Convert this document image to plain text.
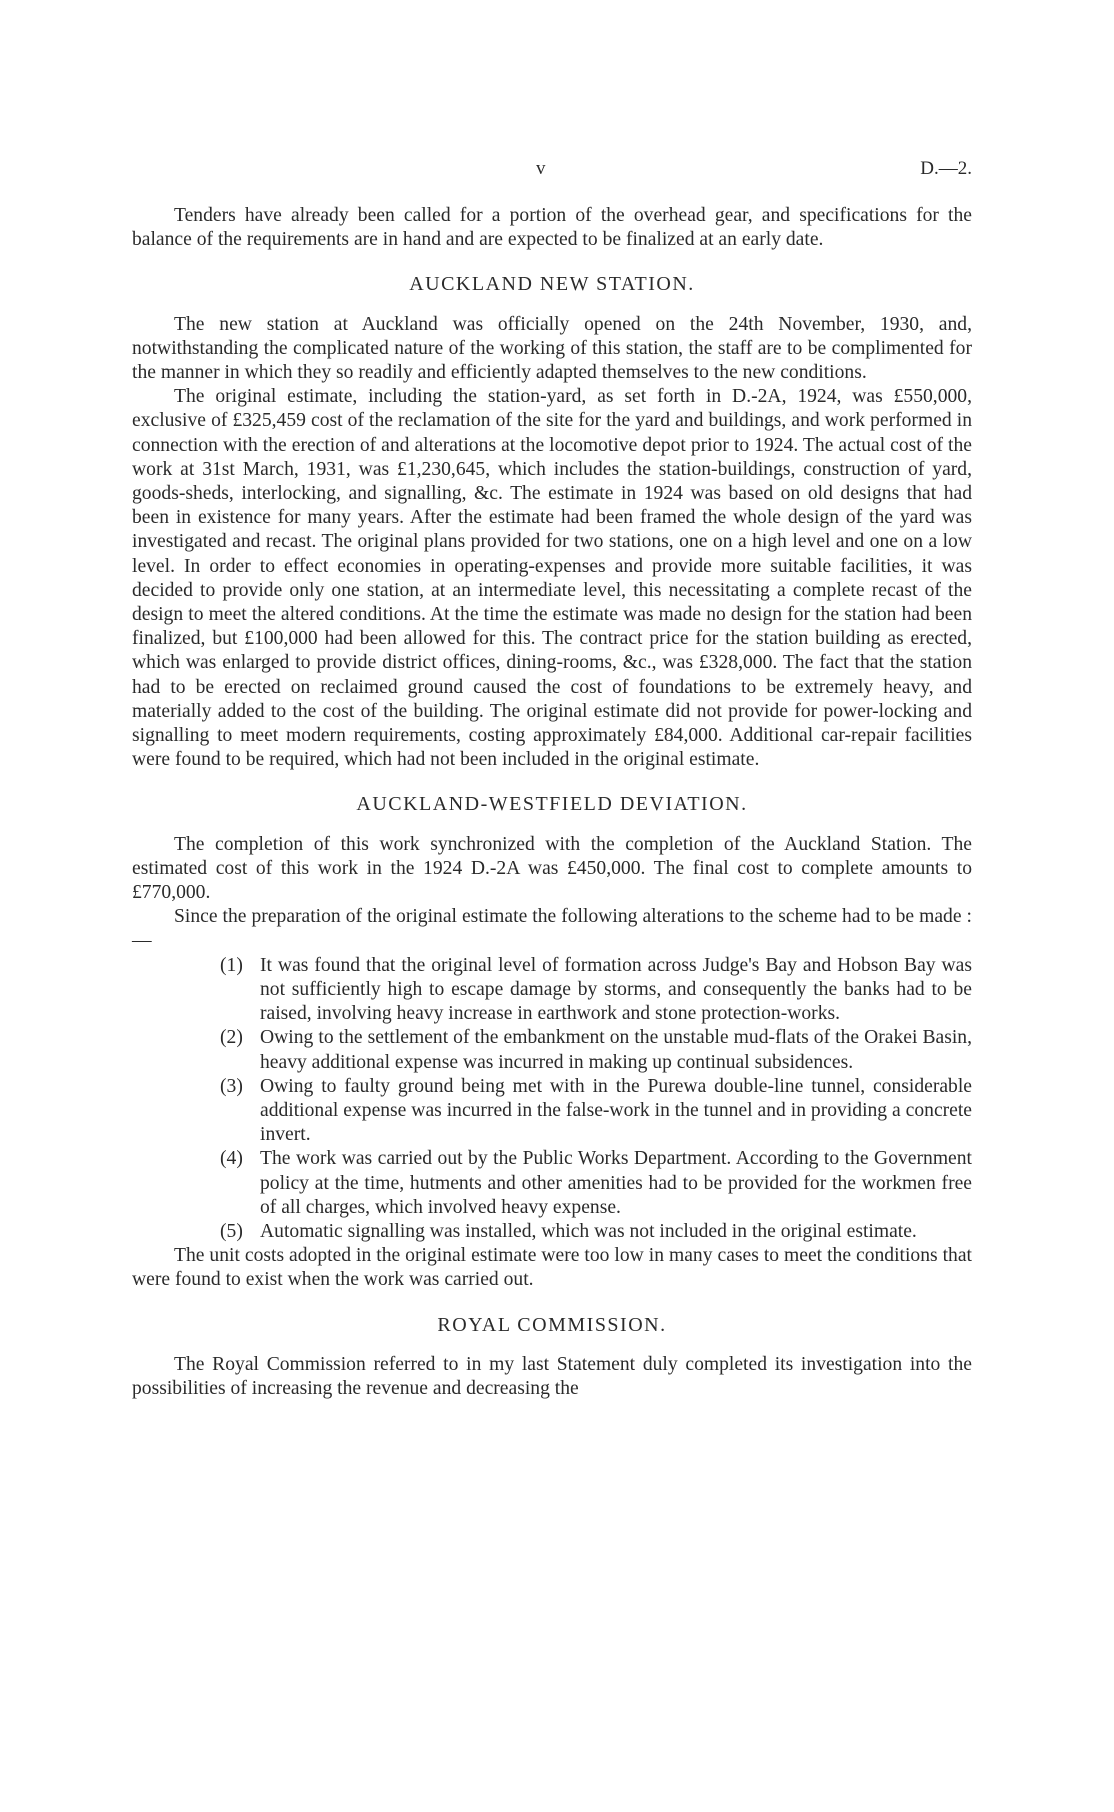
v	D.—2.

Tenders have already been called for a portion of the overhead gear, and specifications for the balance of the requirements are in hand and are expected to be finalized at an early date.

AUCKLAND NEW STATION.

The new station at Auckland was officially opened on the 24th November, 1930, and, notwithstanding the complicated nature of the working of this station, the staff are to be complimented for the manner in which they so readily and efficiently adapted themselves to the new conditions.

The original estimate, including the station-yard, as set forth in D.-2A, 1924, was £550,000, exclusive of £325,459 cost of the reclamation of the site for the yard and buildings, and work performed in connection with the erection of and alterations at the locomotive depot prior to 1924. The actual cost of the work at 31st March, 1931, was £1,230,645, which includes the station-buildings, construction of yard, goods-sheds, interlocking, and signalling, &c. The estimate in 1924 was based on old designs that had been in existence for many years. After the estimate had been framed the whole design of the yard was investigated and recast. The original plans provided for two stations, one on a high level and one on a low level. In order to effect economies in operating-expenses and provide more suitable facilities, it was decided to provide only one station, at an intermediate level, this necessitating a complete recast of the design to meet the altered conditions. At the time the estimate was made no design for the station had been finalized, but £100,000 had been allowed for this. The contract price for the station building as erected, which was enlarged to provide district offices, dining-rooms, &c., was £328,000. The fact that the station had to be erected on reclaimed ground caused the cost of foundations to be extremely heavy, and materially added to the cost of the building. The original estimate did not provide for power-locking and signalling to meet modern requirements, costing approximately £84,000. Additional car-repair facilities were found to be required, which had not been included in the original estimate.

AUCKLAND-WESTFIELD DEVIATION.

The completion of this work synchronized with the completion of the Auckland Station. The estimated cost of this work in the 1924 D.-2A was £450,000. The final cost to complete amounts to £770,000.

Since the preparation of the original estimate the following alterations to the scheme had to be made :—

(1) It was found that the original level of formation across Judge's Bay and Hobson Bay was not sufficiently high to escape damage by storms, and consequently the banks had to be raised, involving heavy increase in earthwork and stone protection-works.
(2) Owing to the settlement of the embankment on the unstable mud-flats of the Orakei Basin, heavy additional expense was incurred in making up continual subsidences.
(3) Owing to faulty ground being met with in the Purewa double-line tunnel, considerable additional expense was incurred in the false-work in the tunnel and in providing a concrete invert.
(4) The work was carried out by the Public Works Department. According to the Government policy at the time, hutments and other amenities had to be provided for the workmen free of all charges, which involved heavy expense.
(5) Automatic signalling was installed, which was not included in the original estimate.

The unit costs adopted in the original estimate were too low in many cases to meet the conditions that were found to exist when the work was carried out.

ROYAL COMMISSION.

The Royal Commission referred to in my last Statement duly completed its investigation into the possibilities of increasing the revenue and decreasing the
